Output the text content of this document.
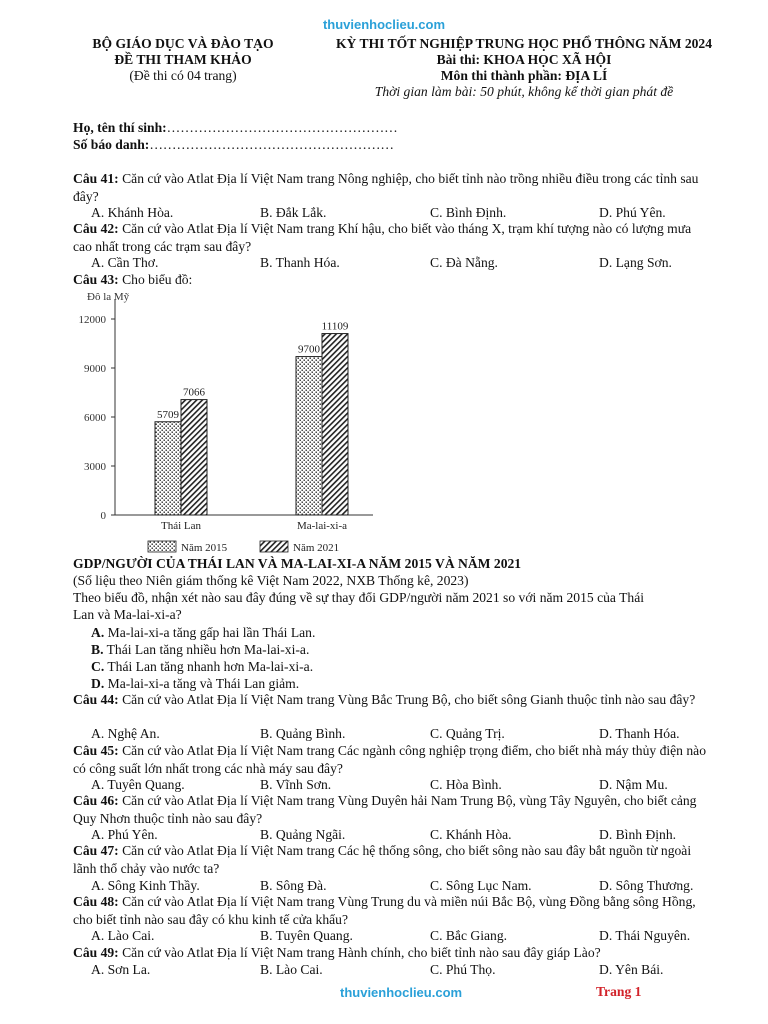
thuvienhoclieu.com
BỘ GIÁO DỤC VÀ ĐÀO TẠO
ĐỀ THI THAM KHẢO
(Đề thi có 04 trang)
KỲ THI TỐT NGHIỆP TRUNG HỌC PHỔ THÔNG NĂM 2024
Bài thi: KHOA HỌC XÃ HỘI
Môn thi thành phần: ĐỊA LÍ
Thời gian làm bài: 50 phút, không kể thời gian phát đề
Họ, tên thí sinh:……………………………………………
Số báo danh:………………………………………………
Câu 41: Căn cứ vào Atlat Địa lí Việt Nam trang Nông nghiệp, cho biết tỉnh nào trồng nhiều điều trong các tỉnh sau đây?
A. Khánh Hòa.	B. Đắk Lắk.	C. Bình Định.	D. Phú Yên.
Câu 42: Căn cứ vào Atlat Địa lí Việt Nam trang Khí hậu, cho biết vào tháng X, trạm khí tượng nào có lượng mưa cao nhất trong các trạm sau đây?
A. Cần Thơ.	B. Thanh Hóa.	C. Đà Nẵng.	D. Lạng Sơn.
Câu 43: Cho biểu đồ:
Đô la Mỹ
0
3000
6000
9000
12000
5709
7066
Thái Lan
9700
11109
Ma-lai-xi-a
Năm 2015	Năm 2021
GDP/NGƯỜI CỦA THÁI LAN VÀ MA-LAI-XI-A NĂM 2015 VÀ NĂM 2021
(Số liệu theo Niên giám thống kê Việt Nam 2022, NXB Thống kê, 2023)
Theo biểu đồ, nhận xét nào sau đây đúng về sự thay đổi GDP/người năm 2021 so với năm 2015 của Thái
Lan và Ma-lai-xi-a?
A. Ma-lai-xi-a tăng gấp hai lần Thái Lan.
B. Thái Lan tăng nhiều hơn Ma-lai-xi-a.
C. Thái Lan tăng nhanh hơn Ma-lai-xi-a.
D. Ma-lai-xi-a tăng và Thái Lan giảm.
Câu 44: Căn cứ vào Atlat Địa lí Việt Nam trang Vùng Bắc Trung Bộ, cho biết sông Gianh thuộc tỉnh nào sau đây?
A. Nghệ An.	B. Quảng Bình.	C. Quảng Trị.	D. Thanh Hóa.
Câu 45: Căn cứ vào Atlat Địa lí Việt Nam trang Các ngành công nghiệp trọng điểm, cho biết nhà máy thủy điện nào có công suất lớn nhất trong các nhà máy sau đây?
A. Tuyên Quang.	B. Vĩnh Sơn.	C. Hòa Bình.	D. Nậm Mu.
Câu 46: Căn cứ vào Atlat Địa lí Việt Nam trang Vùng Duyên hải Nam Trung Bộ, vùng Tây Nguyên, cho biết cảng Quy Nhơn thuộc tỉnh nào sau đây?
A. Phú Yên.	B. Quảng Ngãi.	C. Khánh Hòa.	D. Bình Định.
Câu 47: Căn cứ vào Atlat Địa lí Việt Nam trang Các hệ thống sông, cho biết sông nào sau đây bắt nguồn từ ngoài lãnh thổ chảy vào nước ta?
A. Sông Kinh Thầy.	B. Sông Đà.	C. Sông Lục Nam.	D. Sông Thương.
Câu 48: Căn cứ vào Atlat Địa lí Việt Nam trang Vùng Trung du và miền núi Bắc Bộ, vùng Đồng bằng sông Hồng, cho biết tỉnh nào sau đây có khu kinh tế cửa khẩu?
A. Lào Cai.	B. Tuyên Quang.	C. Bắc Giang.	D. Thái Nguyên.
Câu 49: Căn cứ vào Atlat Địa lí Việt Nam trang Hành chính, cho biết tỉnh nào sau đây giáp Lào?
A. Sơn La.	B. Lào Cai.	C. Phú Thọ.	D. Yên Bái.
thuvienhoclieu.com	Trang 1
